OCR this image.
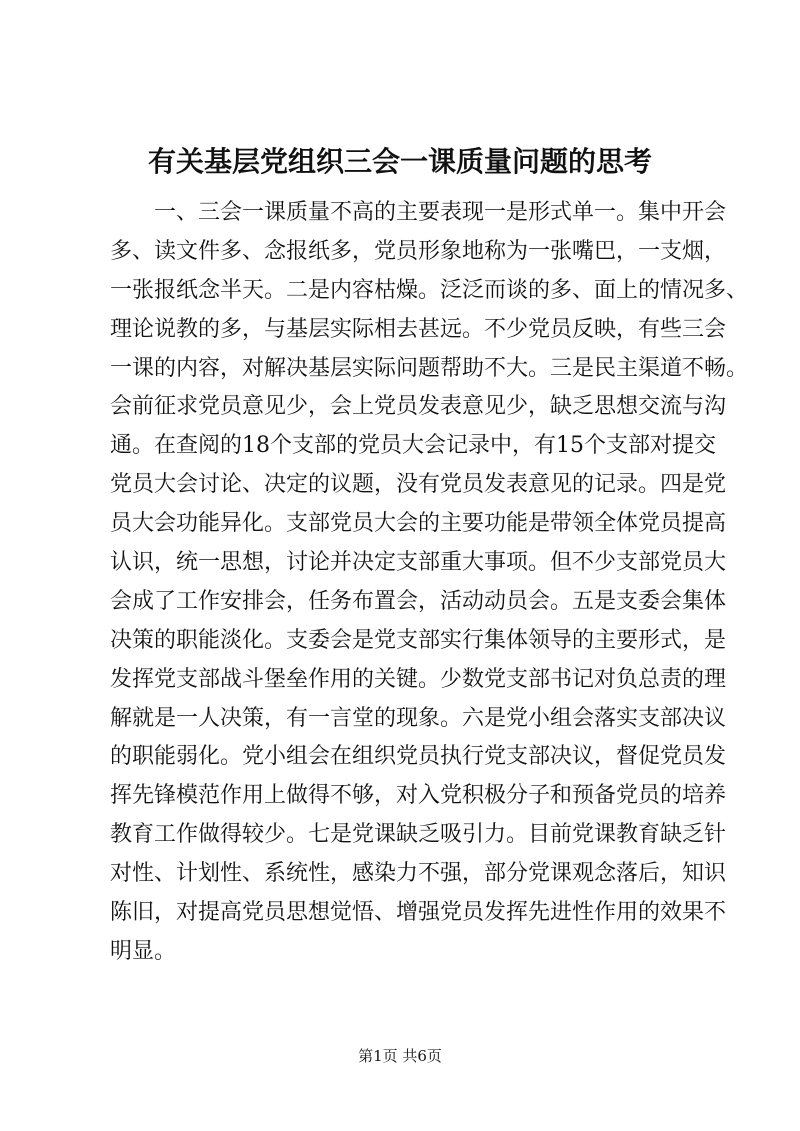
有关基层党组织三会一课质量问题的思考
一、三会一课质量不高的主要表现一是形式单一。集中开会
多、读文件多、念报纸多，党员形象地称为一张嘴巴，一支烟，
一张报纸念半天。二是内容枯燥。泛泛而谈的多、面上的情况多、
理论说教的多，与基层实际相去甚远。不少党员反映，有些三会
一课的内容，对解决基层实际问题帮助不大。三是民主渠道不畅。
会前征求党员意见少，会上党员发表意见少，缺乏思想交流与沟
通。在查阅的18个支部的党员大会记录中，有15个支部对提交
党员大会讨论、决定的议题，没有党员发表意见的记录。四是党
员大会功能异化。支部党员大会的主要功能是带领全体党员提高
认识，统一思想，讨论并决定支部重大事项。但不少支部党员大
会成了工作安排会，任务布置会，活动动员会。五是支委会集体
决策的职能淡化。支委会是党支部实行集体领导的主要形式，是
发挥党支部战斗堡垒作用的关键。少数党支部书记对负总责的理
解就是一人决策，有一言堂的现象。六是党小组会落实支部决议
的职能弱化。党小组会在组织党员执行党支部决议，督促党员发
挥先锋模范作用上做得不够，对入党积极分子和预备党员的培养
教育工作做得较少。七是党课缺乏吸引力。目前党课教育缺乏针
对性、计划性、系统性，感染力不强，部分党课观念落后，知识
陈旧，对提高党员思想觉悟、增强党员发挥先进性作用的效果不
明显。
第1页 共6页
